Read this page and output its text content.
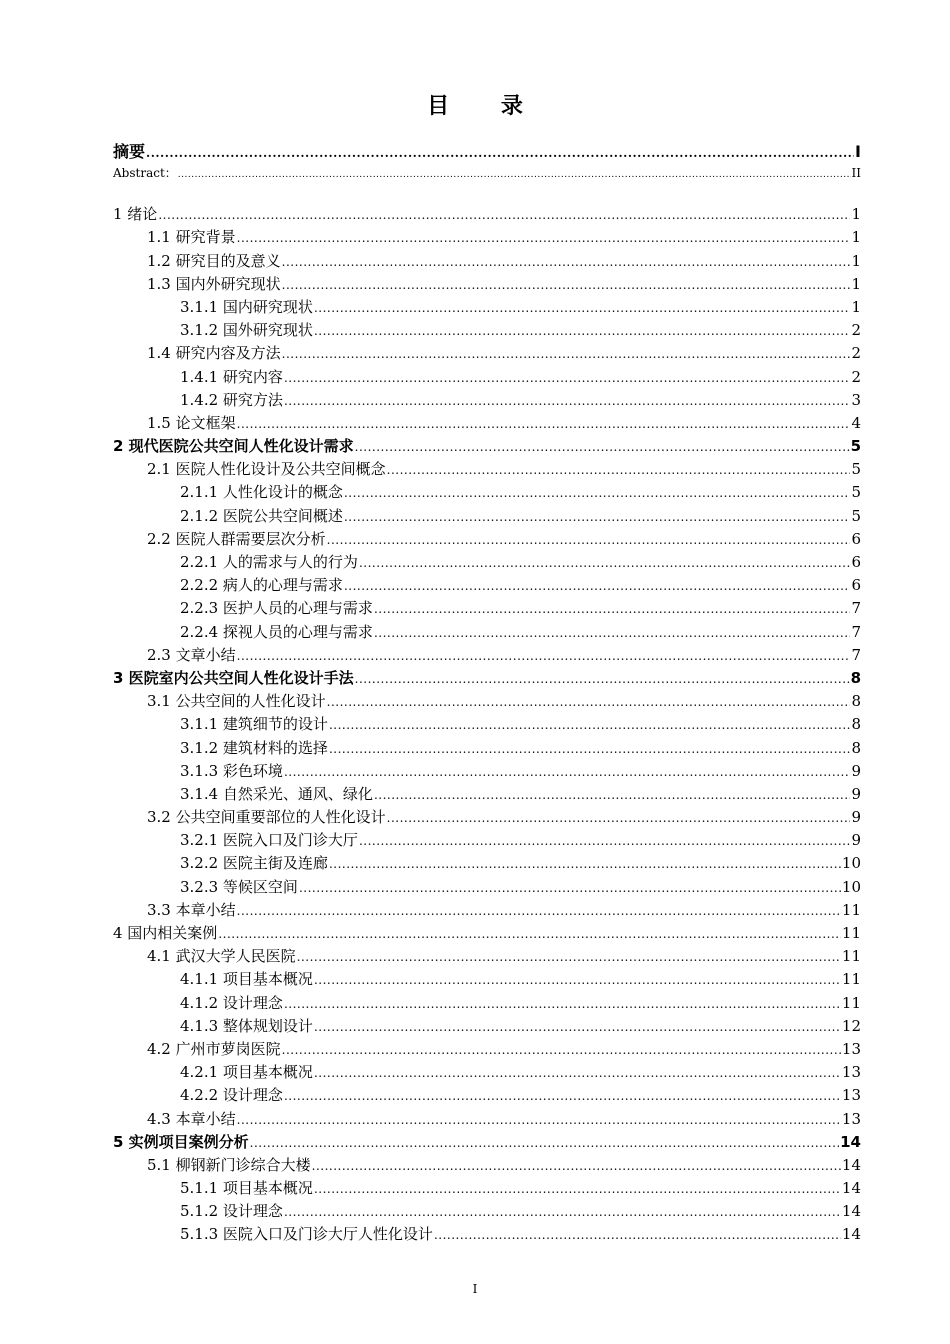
目 录
摘要 .....	I
Abstract： .....	II
1 绪论 .....	1
1.1 研究背景 .....	1
1.2 研究目的及意义 .....	1
1.3 国内外研究现状 .....	1
3.1.1 国内研究现状 .....	1
3.1.2 国外研究现状 .....	2
1.4 研究内容及方法 .....	2
1.4.1 研究内容 .....	2
1.4.2 研究方法 .....	3
1.5 论文框架 .....	4
2 现代医院公共空间人性化设计需求 .....	5
2.1 医院人性化设计及公共空间概念 .....	5
2.1.1 人性化设计的概念 .....	5
2.1.2 医院公共空间概述 .....	5
2.2 医院人群需要层次分析 .....	6
2.2.1 人的需求与人的行为 .....	6
2.2.2 病人的心理与需求 .....	6
2.2.3 医护人员的心理与需求 .....	7
2.2.4 探视人员的心理与需求 .....	7
2.3 文章小结 .....	7
3 医院室内公共空间人性化设计手法 .....	8
3.1 公共空间的人性化设计 .....	8
3.1.1 建筑细节的设计 .....	8
3.1.2 建筑材料的选择 .....	8
3.1.3 彩色环境 .....	9
3.1.4 自然采光、通风、绿化 .....	9
3.2 公共空间重要部位的人性化设计 .....	9
3.2.1 医院入口及门诊大厅 .....	9
3.2.2 医院主街及连廊 .....	10
3.2.3 等候区空间 .....	10
3.3 本章小结 .....	11
4 国内相关案例 .....	11
4.1 武汉大学人民医院 .....	11
4.1.1 项目基本概况 .....	11
4.1.2 设计理念 .....	11
4.1.3 整体规划设计 .....	12
4.2 广州市萝岗医院 .....	13
4.2.1 项目基本概况 .....	13
4.2.2 设计理念 .....	13
4.3 本章小结 .....	13
5 实例项目案例分析 .....	14
5.1 柳钢新门诊综合大楼 .....	14
5.1.1 项目基本概况 .....	14
5.1.2 设计理念 .....	14
5.1.3 医院入口及门诊大厅人性化设计 .....	14
I
